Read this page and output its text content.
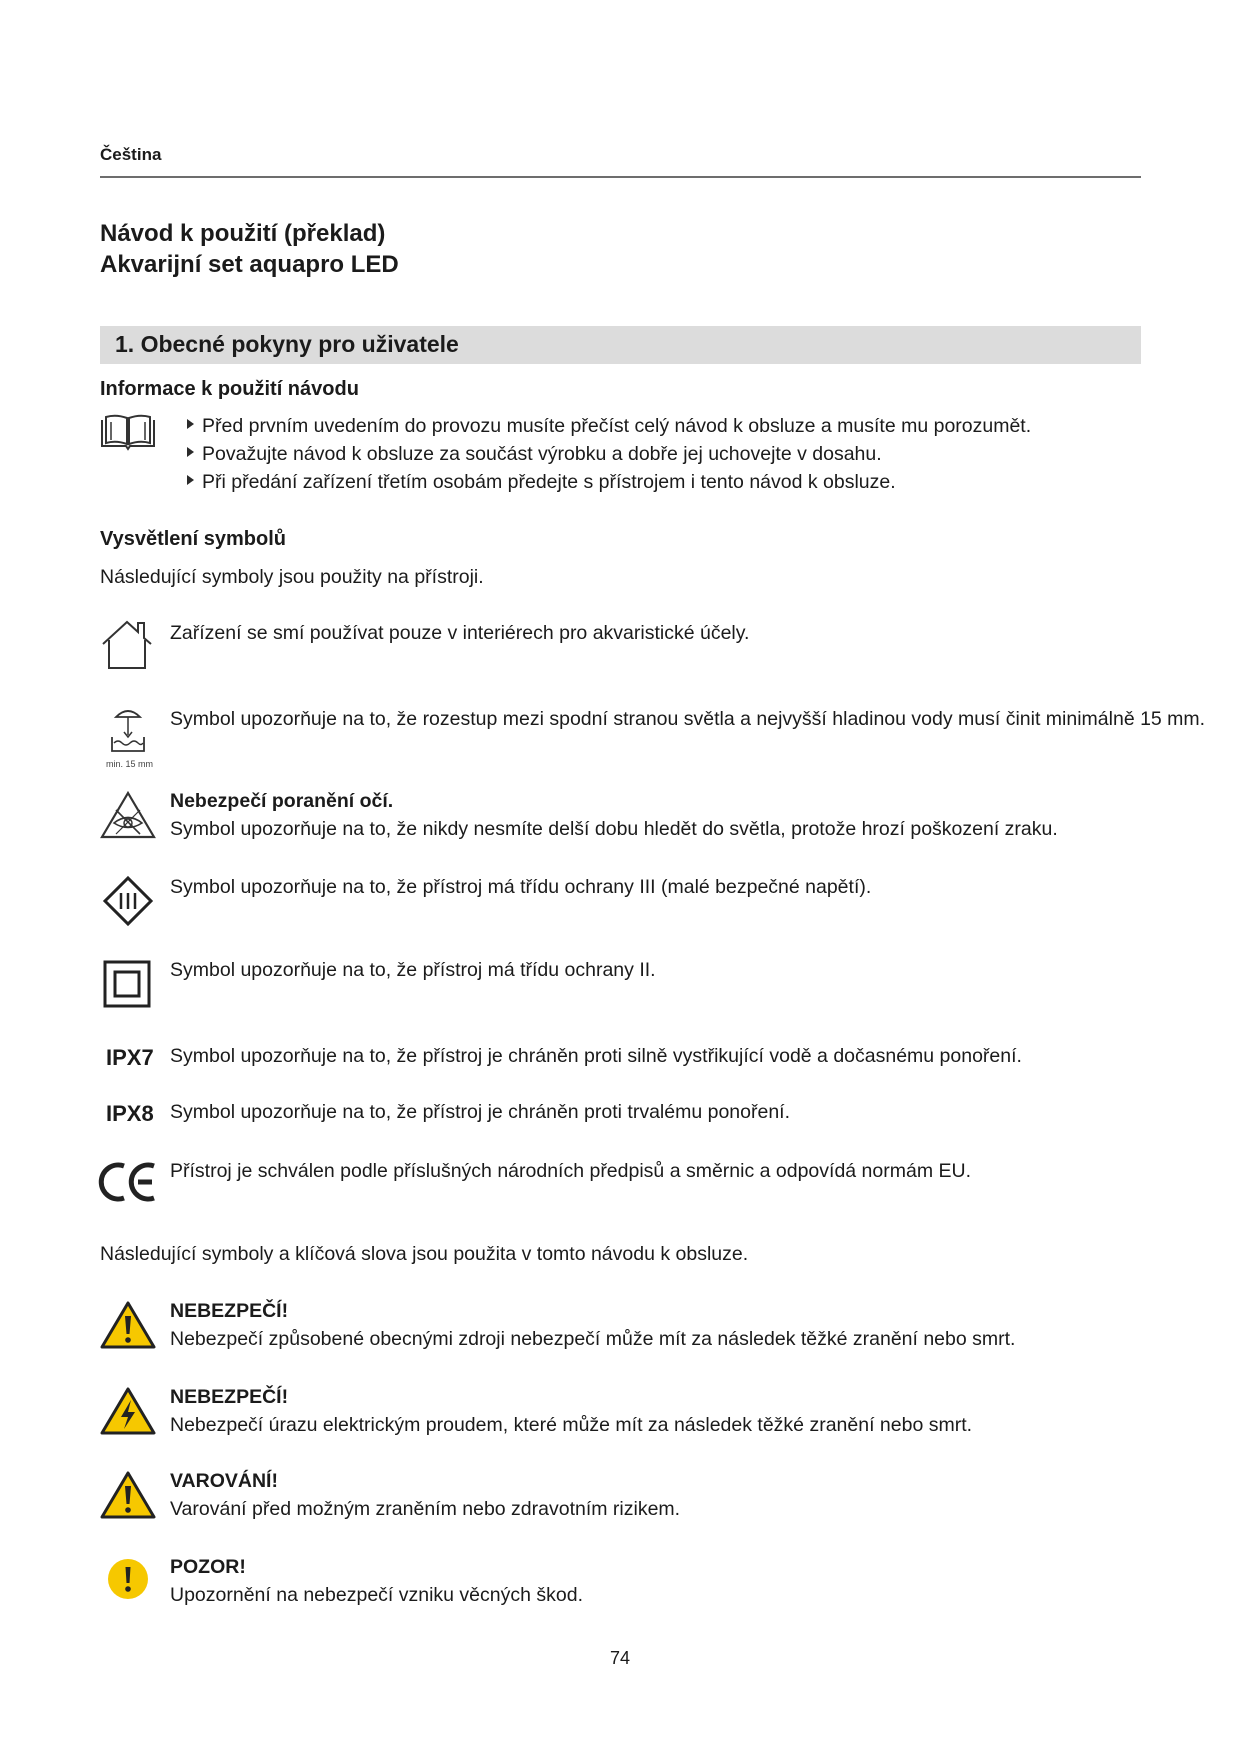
Čeština
Návod k použití (překlad)
Akvarijní set aquapro LED
1. Obecné pokyny pro uživatele
Informace k použití návodu
Před prvním uvedením do provozu musíte přečíst celý návod k obsluze a musíte mu porozumět.
Považujte návod k obsluze za součást výrobku a dobře jej uchovejte v dosahu.
Při předání zařízení třetím osobám předejte s přístrojem i tento návod k obsluze.
Vysvětlení symbolů
Následující symboly jsou použity na přístroji.
Zařízení se smí používat pouze v interiérech pro akvaristické účely.
min. 15 mm
Symbol upozorňuje na to, že rozestup mezi spodní stranou světla a nejvyšší hladinou vody musí činit minimálně 15 mm.
Nebezpečí poranění očí.
Symbol upozorňuje na to, že nikdy nesmíte delší dobu hledět do světla, protože hrozí poškození zraku.
Symbol upozorňuje na to, že přístroj má třídu ochrany III (malé bezpečné napětí).
Symbol upozorňuje na to, že přístroj má třídu ochrany II.
IPX7 Symbol upozorňuje na to, že přístroj je chráněn proti silně vystřikující vodě a dočasnému ponoření.
IPX8 Symbol upozorňuje na to, že přístroj je chráněn proti trvalému ponoření.
Přístroj je schválen podle příslušných národních předpisů a směrnic a odpovídá normám EU.
Následující symboly a klíčová slova jsou použita v tomto návodu k obsluze.
NEBEZPEČÍ!
Nebezpečí způsobené obecnými zdroji nebezpečí může mít za následek těžké zranění nebo smrt.
NEBEZPEČÍ!
Nebezpečí úrazu elektrickým proudem, které může mít za následek těžké zranění nebo smrt.
VAROVÁNÍ!
Varování před možným zraněním nebo zdravotním rizikem.
POZOR!
Upozornění na nebezpečí vzniku věcných škod.
74
